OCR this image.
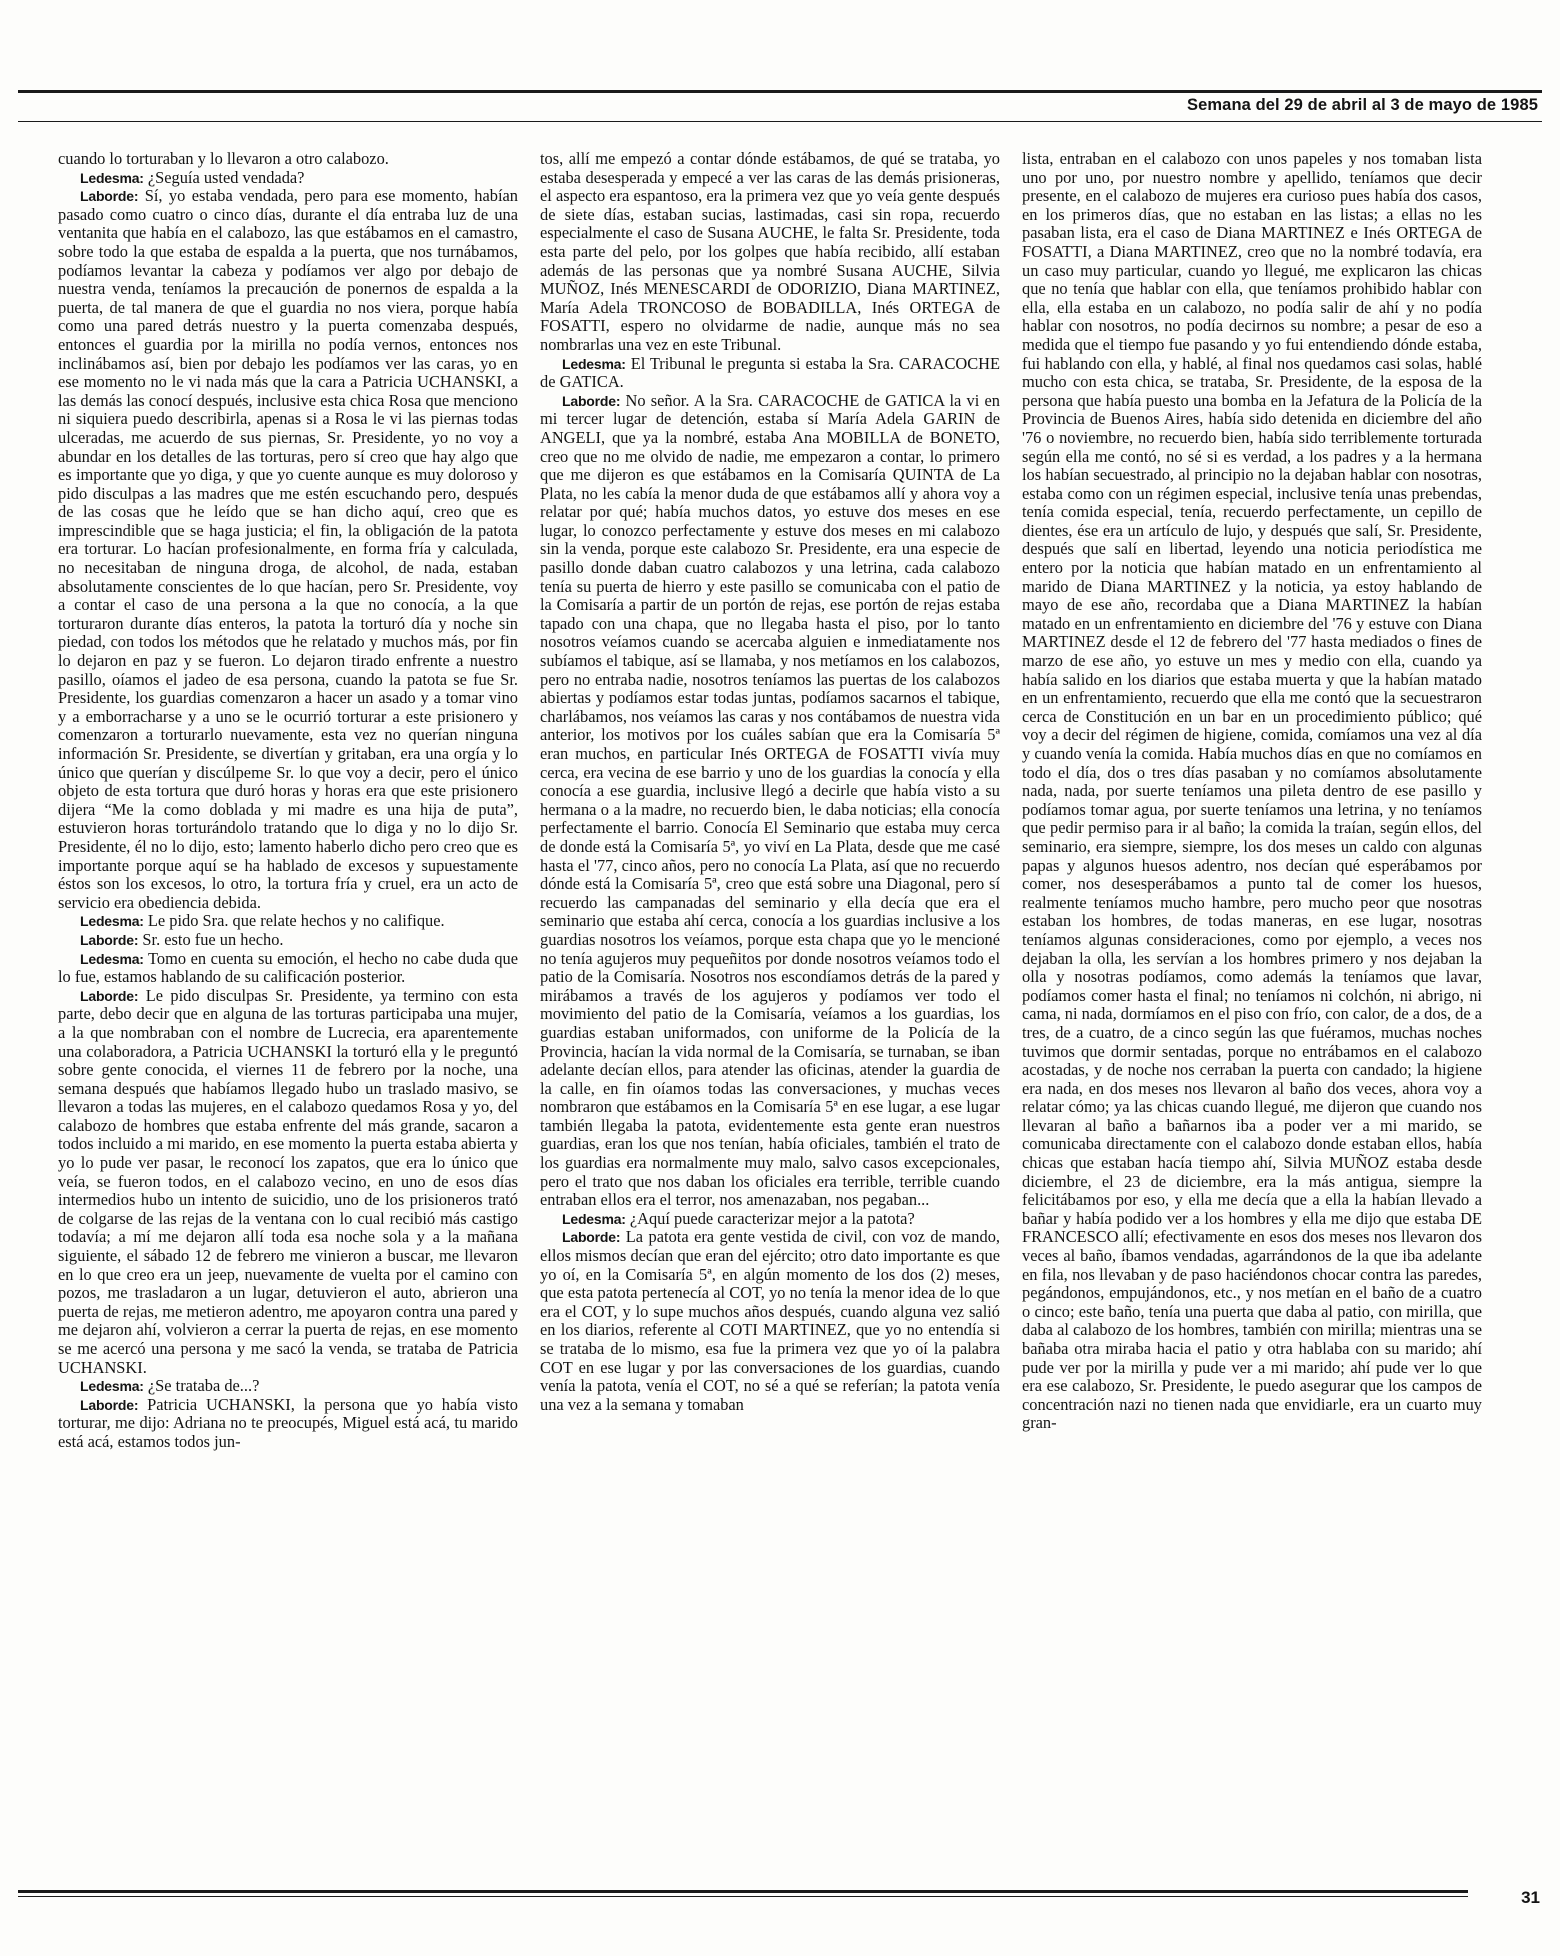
Semana del 29 de abril al 3 de mayo de 1985

cuando lo torturaban y lo llevaron a otro calabozo.

Ledesma: ¿Seguía usted vendada?

Laborde: Sí, yo estaba vendada, pero para ese momento, habían pasado como cuatro o cinco días, durante el día entraba luz de una ventanita que había en el calabozo, las que estábamos en el camastro, sobre todo la que estaba de espalda a la puerta, que nos turnábamos, podíamos levantar la cabeza y podíamos ver algo por debajo de nuestra venda, teníamos la precaución de ponernos de espalda a la puerta, de tal manera de que el guardia no nos viera, porque había como una pared detrás nuestro y la puerta comenzaba después, entonces el guardia por la mirilla no podía vernos, entonces nos inclinábamos así, bien por debajo les podíamos ver las caras, yo en ese momento no le vi nada más que la cara a Patricia UCHANSKI, a las demás las conocí después, inclusive esta chica Rosa que menciono ni siquiera puedo describirla, apenas si a Rosa le vi las piernas todas ulceradas, me acuerdo de sus piernas, Sr. Presidente, yo no voy a abundar en los detalles de las torturas, pero sí creo que hay algo que es importante que yo diga, y que yo cuente aunque es muy doloroso y pido disculpas a las madres que me estén escuchando pero, después de las cosas que he leído que se han dicho aquí, creo que es imprescindible que se haga justicia; el fin, la obligación de la patota era torturar. Lo hacían profesionalmente, en forma fría y calculada, no necesitaban de ninguna droga, de alcohol, de nada, estaban absolutamente conscientes de lo que hacían, pero Sr. Presidente, voy a contar el caso de una persona a la que no conocía, a la que torturaron durante días enteros, la patota la torturó día y noche sin piedad, con todos los métodos que he relatado y muchos más, por fin lo dejaron en paz y se fueron. Lo dejaron tirado enfrente a nuestro pasillo, oíamos el jadeo de esa persona, cuando la patota se fue Sr. Presidente, los guardias comenzaron a hacer un asado y a tomar vino y a emborracharse y a uno se le ocurrió torturar a este prisionero y comenzaron a torturarlo nuevamente, esta vez no querían ninguna información Sr. Presidente, se divertían y gritaban, era una orgía y lo único que querían y discúlpeme Sr. lo que voy a decir, pero el único objeto de esta tortura que duró horas y horas era que este prisionero dijera “Me la como doblada y mi madre es una hija de puta”, estuvieron horas torturándolo tratando que lo diga y no lo dijo Sr. Presidente, él no lo dijo, esto; lamento haberlo dicho pero creo que es importante porque aquí se ha hablado de excesos y supuestamente éstos son los excesos, lo otro, la tortura fría y cruel, era un acto de servicio era obediencia debida.

Ledesma: Le pido Sra. que relate hechos y no califique.

Laborde: Sr. esto fue un hecho.

Ledesma: Tomo en cuenta su emoción, el hecho no cabe duda que lo fue, estamos hablando de su calificación posterior.

Laborde: Le pido disculpas Sr. Presidente, ya termino con esta parte, debo decir que en alguna de las torturas participaba una mujer, a la que nombraban con el nombre de Lucrecia, era aparentemente una colaboradora, a Patricia UCHANSKI la torturó ella y le preguntó sobre gente conocida, el viernes 11 de febrero por la noche, una semana después que habíamos llegado hubo un traslado masivo, se llevaron a todas las mujeres, en el calabozo quedamos Rosa y yo, del calabozo de hombres que estaba enfrente del más grande, sacaron a todos incluido a mi marido, en ese momento la puerta estaba abierta y yo lo pude ver pasar, le reconocí los zapatos, que era lo único que veía, se fueron todos, en el calabozo vecino, en uno de esos días intermedios hubo un intento de suicidio, uno de los prisioneros trató de colgarse de las rejas de la ventana con lo cual recibió más castigo todavía; a mí me dejaron allí toda esa noche sola y a la mañana siguiente, el sábado 12 de febrero me vinieron a buscar, me llevaron en lo que creo era un jeep, nuevamente de vuelta por el camino con pozos, me trasladaron a un lugar, detuvieron el auto, abrieron una puerta de rejas, me metieron adentro, me apoyaron contra una pared y me dejaron ahí, volvieron a cerrar la puerta de rejas, en ese momento se me acercó una persona y me sacó la venda, se trataba de Patricia UCHANSKI.

Ledesma: ¿Se trataba de...?

Laborde: Patricia UCHANSKI, la persona que yo había visto torturar, me dijo: Adriana no te preocupés, Miguel está acá, tu marido está acá, estamos todos jun-

tos, allí me empezó a contar dónde estábamos, de qué se trataba, yo estaba desesperada y empecé a ver las caras de las demás prisioneras, el aspecto era espantoso, era la primera vez que yo veía gente después de siete días, estaban sucias, lastimadas, casi sin ropa, recuerdo especialmente el caso de Susana AUCHE, le falta Sr. Presidente, toda esta parte del pelo, por los golpes que había recibido, allí estaban además de las personas que ya nombré Susana AUCHE, Silvia MUÑOZ, Inés MENESCARDI de ODORIZIO, Diana MARTINEZ, María Adela TRONCOSO de BOBADILLA, Inés ORTEGA de FOSATTI, espero no olvidarme de nadie, aunque más no sea nombrarlas una vez en este Tribunal.

Ledesma: El Tribunal le pregunta si estaba la Sra. CARACOCHE de GATICA.

Laborde: No señor. A la Sra. CARACOCHE de GATICA la vi en mi tercer lugar de detención, estaba sí María Adela GARIN de ANGELI, que ya la nombré, estaba Ana MOBILLA de BONETO, creo que no me olvido de nadie, me empezaron a contar, lo primero que me dijeron es que estábamos en la Comisaría QUINTA de La Plata, no les cabía la menor duda de que estábamos allí y ahora voy a relatar por qué; había muchos datos, yo estuve dos meses en ese lugar, lo conozco perfectamente y estuve dos meses en mi calabozo sin la venda, porque este calabozo Sr. Presidente, era una especie de pasillo donde daban cuatro calabozos y una letrina, cada calabozo tenía su puerta de hierro y este pasillo se comunicaba con el patio de la Comisaría a partir de un portón de rejas, ese portón de rejas estaba tapado con una chapa, que no llegaba hasta el piso, por lo tanto nosotros veíamos cuando se acercaba alguien e inmediatamente nos subíamos el tabique, así se llamaba, y nos metíamos en los calabozos, pero no entraba nadie, nosotros teníamos las puertas de los calabozos abiertas y podíamos estar todas juntas, podíamos sacarnos el tabique, charlábamos, nos veíamos las caras y nos contábamos de nuestra vida anterior, los motivos por los cuáles sabían que era la Comisaría 5ª eran muchos, en particular Inés ORTEGA de FOSATTI vivía muy cerca, era vecina de ese barrio y uno de los guardias la conocía y ella conocía a ese guardia, inclusive llegó a decirle que había visto a su hermana o a la madre, no recuerdo bien, le daba noticias; ella conocía perfectamente el barrio. Conocía El Seminario que estaba muy cerca de donde está la Comisaría 5ª, yo viví en La Plata, desde que me casé hasta el '77, cinco años, pero no conocía La Plata, así que no recuerdo dónde está la Comisaría 5ª, creo que está sobre una Diagonal, pero sí recuerdo las campanadas del seminario y ella decía que era el seminario que estaba ahí cerca, conocía a los guardias inclusive a los guardias nosotros los veíamos, porque esta chapa que yo le mencioné no tenía agujeros muy pequeñitos por donde nosotros veíamos todo el patio de la Comisaría. Nosotros nos escondíamos detrás de la pared y mirábamos a través de los agujeros y podíamos ver todo el movimiento del patio de la Comisaría, veíamos a los guardias, los guardias estaban uniformados, con uniforme de la Policía de la Provincia, hacían la vida normal de la Comisaría, se turnaban, se iban adelante decían ellos, para atender las oficinas, atender la guardia de la calle, en fin oíamos todas las conversaciones, y muchas veces nombraron que estábamos en la Comisaría 5ª en ese lugar, a ese lugar también llegaba la patota, evidentemente esta gente eran nuestros guardias, eran los que nos tenían, había oficiales, también el trato de los guardias era normalmente muy malo, salvo casos excepcionales, pero el trato que nos daban los oficiales era terrible, terrible cuando entraban ellos era el terror, nos amenazaban, nos pegaban...

Ledesma: ¿Aquí puede caracterizar mejor a la patota?

Laborde: La patota era gente vestida de civil, con voz de mando, ellos mismos decían que eran del ejército; otro dato importante es que yo oí, en la Comisaría 5ª, en algún momento de los dos (2) meses, que esta patota pertenecía al COT, yo no tenía la menor idea de lo que era el COT, y lo supe muchos años después, cuando alguna vez salió en los diarios, referente al COTI MARTINEZ, que yo no entendía si se trataba de lo mismo, esa fue la primera vez que yo oí la palabra COT en ese lugar y por las conversaciones de los guardias, cuando venía la patota, venía el COT, no sé a qué se referían; la patota venía una vez a la semana y tomaban

lista, entraban en el calabozo con unos papeles y nos tomaban lista uno por uno, por nuestro nombre y apellido, teníamos que decir presente, en el calabozo de mujeres era curioso pues había dos casos, en los primeros días, que no estaban en las listas; a ellas no les pasaban lista, era el caso de Diana MARTINEZ e Inés ORTEGA de FOSATTI, a Diana MARTINEZ, creo que no la nombré todavía, era un caso muy particular, cuando yo llegué, me explicaron las chicas que no tenía que hablar con ella, que teníamos prohibido hablar con ella, ella estaba en un calabozo, no podía salir de ahí y no podía hablar con nosotros, no podía decirnos su nombre; a pesar de eso a medida que el tiempo fue pasando y yo fui entendiendo dónde estaba, fui hablando con ella, y hablé, al final nos quedamos casi solas, hablé mucho con esta chica, se trataba, Sr. Presidente, de la esposa de la persona que había puesto una bomba en la Jefatura de la Policía de la Provincia de Buenos Aires, había sido detenida en diciembre del año '76 o noviembre, no recuerdo bien, había sido terriblemente torturada según ella me contó, no sé si es verdad, a los padres y a la hermana los habían secuestrado, al principio no la dejaban hablar con nosotras, estaba como con un régimen especial, inclusive tenía unas prebendas, tenía comida especial, tenía, recuerdo perfectamente, un cepillo de dientes, ése era un artículo de lujo, y después que salí, Sr. Presidente, después que salí en libertad, leyendo una noticia periodística me entero por la noticia que habían matado en un enfrentamiento al marido de Diana MARTINEZ y la noticia, ya estoy hablando de mayo de ese año, recordaba que a Diana MARTINEZ la habían matado en un enfrentamiento en diciembre del '76 y estuve con Diana MARTINEZ desde el 12 de febrero del '77 hasta mediados o fines de marzo de ese año, yo estuve un mes y medio con ella, cuando ya había salido en los diarios que estaba muerta y que la habían matado en un enfrentamiento, recuerdo que ella me contó que la secuestraron cerca de Constitución en un bar en un procedimiento público; qué voy a decir del régimen de higiene, comida, comíamos una vez al día y cuando venía la comida. Había muchos días en que no comíamos en todo el día, dos o tres días pasaban y no comíamos absolutamente nada, nada, por suerte teníamos una pileta dentro de ese pasillo y podíamos tomar agua, por suerte teníamos una letrina, y no teníamos que pedir permiso para ir al baño; la comida la traían, según ellos, del seminario, era siempre, siempre, los dos meses un caldo con algunas papas y algunos huesos adentro, nos decían qué esperábamos por comer, nos desesperábamos a punto tal de comer los huesos, realmente teníamos mucho hambre, pero mucho peor que nosotras estaban los hombres, de todas maneras, en ese lugar, nosotras teníamos algunas consideraciones, como por ejemplo, a veces nos dejaban la olla, les servían a los hombres primero y nos dejaban la olla y nosotras podíamos, como además la teníamos que lavar, podíamos comer hasta el final; no teníamos ni colchón, ni abrigo, ni cama, ni nada, dormíamos en el piso con frío, con calor, de a dos, de a tres, de a cuatro, de a cinco según las que fuéramos, muchas noches tuvimos que dormir sentadas, porque no entrábamos en el calabozo acostadas, y de noche nos cerraban la puerta con candado; la higiene era nada, en dos meses nos llevaron al baño dos veces, ahora voy a relatar cómo; ya las chicas cuando llegué, me dijeron que cuando nos llevaran al baño a bañarnos iba a poder ver a mi marido, se comunicaba directamente con el calabozo donde estaban ellos, había chicas que estaban hacía tiempo ahí, Silvia MUÑOZ estaba desde diciembre, el 23 de diciembre, era la más antigua, siempre la felicitábamos por eso, y ella me decía que a ella la habían llevado a bañar y había podido ver a los hombres y ella me dijo que estaba DE FRANCESCO allí; efectivamente en esos dos meses nos llevaron dos veces al baño, íbamos vendadas, agarrándonos de la que iba adelante en fila, nos llevaban y de paso haciéndonos chocar contra las paredes, pegándonos, empujándonos, etc., y nos metían en el baño de a cuatro o cinco; este baño, tenía una puerta que daba al patio, con mirilla, que daba al calabozo de los hombres, también con mirilla; mientras una se bañaba otra miraba hacia el patio y otra hablaba con su marido; ahí pude ver por la mirilla y pude ver a mi marido; ahí pude ver lo que era ese calabozo, Sr. Presidente, le puedo asegurar que los campos de concentración nazi no tienen nada que envidiarle, era un cuarto muy gran-

31
